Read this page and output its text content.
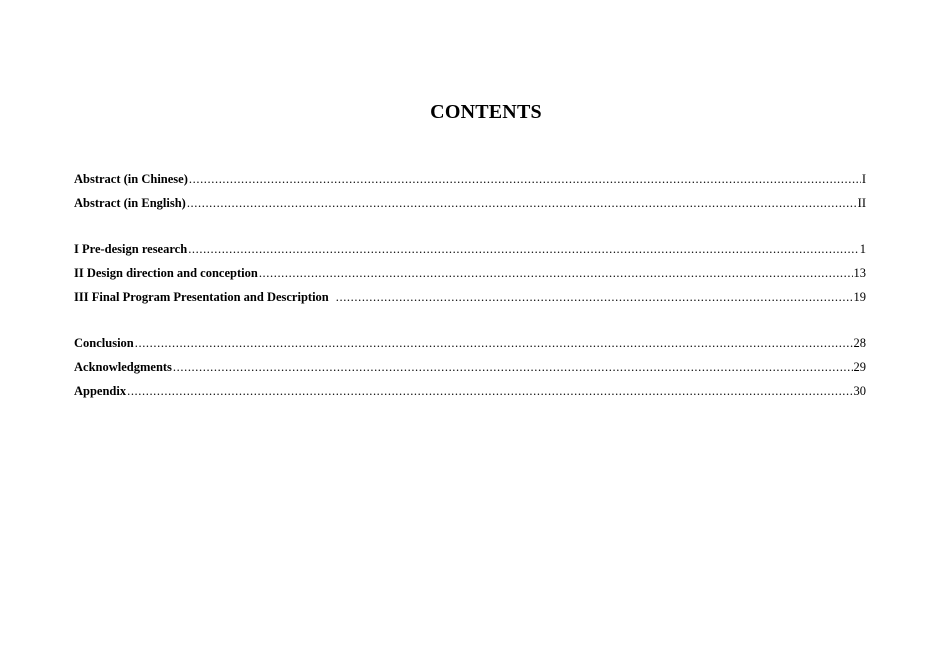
CONTENTS
Abstract (in Chinese) .....	I
Abstract (in English) .....	II
I Pre-design research .....	1
II Design direction and conception .....	13
III Final Program Presentation and Description .....	19
Conclusion .....	28
Acknowledgments .....	29
Appendix .....	30
